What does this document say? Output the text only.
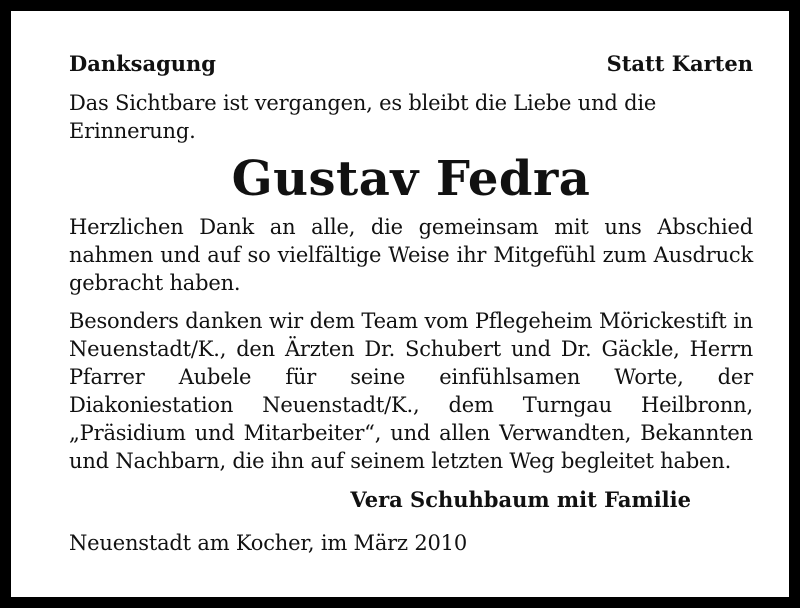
Danksagung	Statt Karten
Das Sichtbare ist vergangen, es bleibt die Liebe und die Erinnerung.
Gustav Fedra

Herzlichen Dank an alle, die gemeinsam mit uns Abschied nahmen und auf so vielfältige Weise ihr Mitgefühl zum Ausdruck gebracht haben.

Besonders danken wir dem Team vom Pflegeheim Mörickestift in Neuenstadt/K., den Ärzten Dr. Schubert und Dr. Gäckle, Herrn Pfarrer Aubele für seine einfühlsamen Worte, der Diakoniestation Neuenstadt/K., dem Turngau Heilbronn, „Präsidium und Mitarbeiter“, und allen Verwandten, Bekannten und Nachbarn, die ihn auf seinem letzten Weg begleitet haben.

Vera Schuhbaum mit Familie
Neuenstadt am Kocher, im März 2010
